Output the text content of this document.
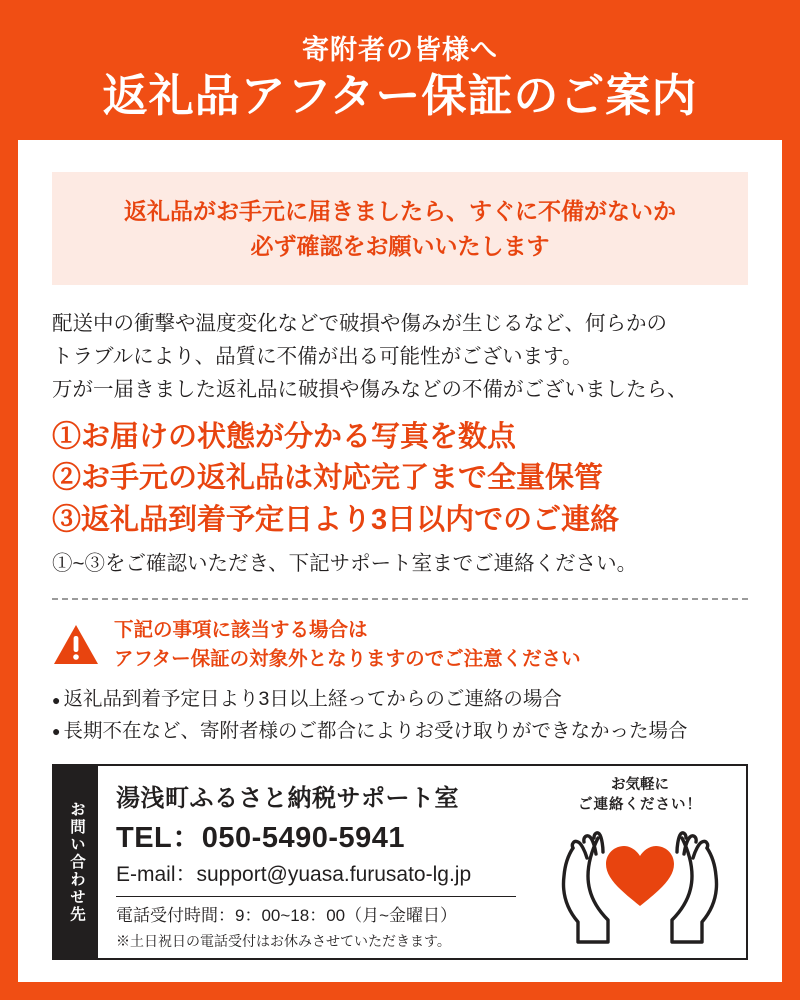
寄附者の皆様へ
返礼品アフター保証のご案内
返礼品がお手元に届きましたら、すぐに不備がないか
必ず確認をお願いいたします
配送中の衝撃や温度変化などで破損や傷みが生じるなど、何らかの
トラブルにより、品質に不備が出る可能性がございます。
万が一届きました返礼品に破損や傷みなどの不備がございましたら、
①お届けの状態が分かる写真を数点
②お手元の返礼品は対応完了まで全量保管
③返礼品到着予定日より3日以内でのご連絡
①~③をご確認いただき、下記サポート室までご連絡ください。
下記の事項に該当する場合は
アフター保証の対象外となりますのでご注意ください
● 返礼品到着予定日より3日以上経ってからのご連絡の場合
● 長期不在など、寄附者様のご都合によりお受け取りができなかった場合
お問い合わせ先
湯浅町ふるさと納税サポート室
TEL：050-5490-5941
E-mail：support@yuasa.furusato-lg.jp
電話受付時間：9：00~18：00（月~金曜日）
※土日祝日の電話受付はお休みさせていただきます。
お気軽に
ご連絡ください！
